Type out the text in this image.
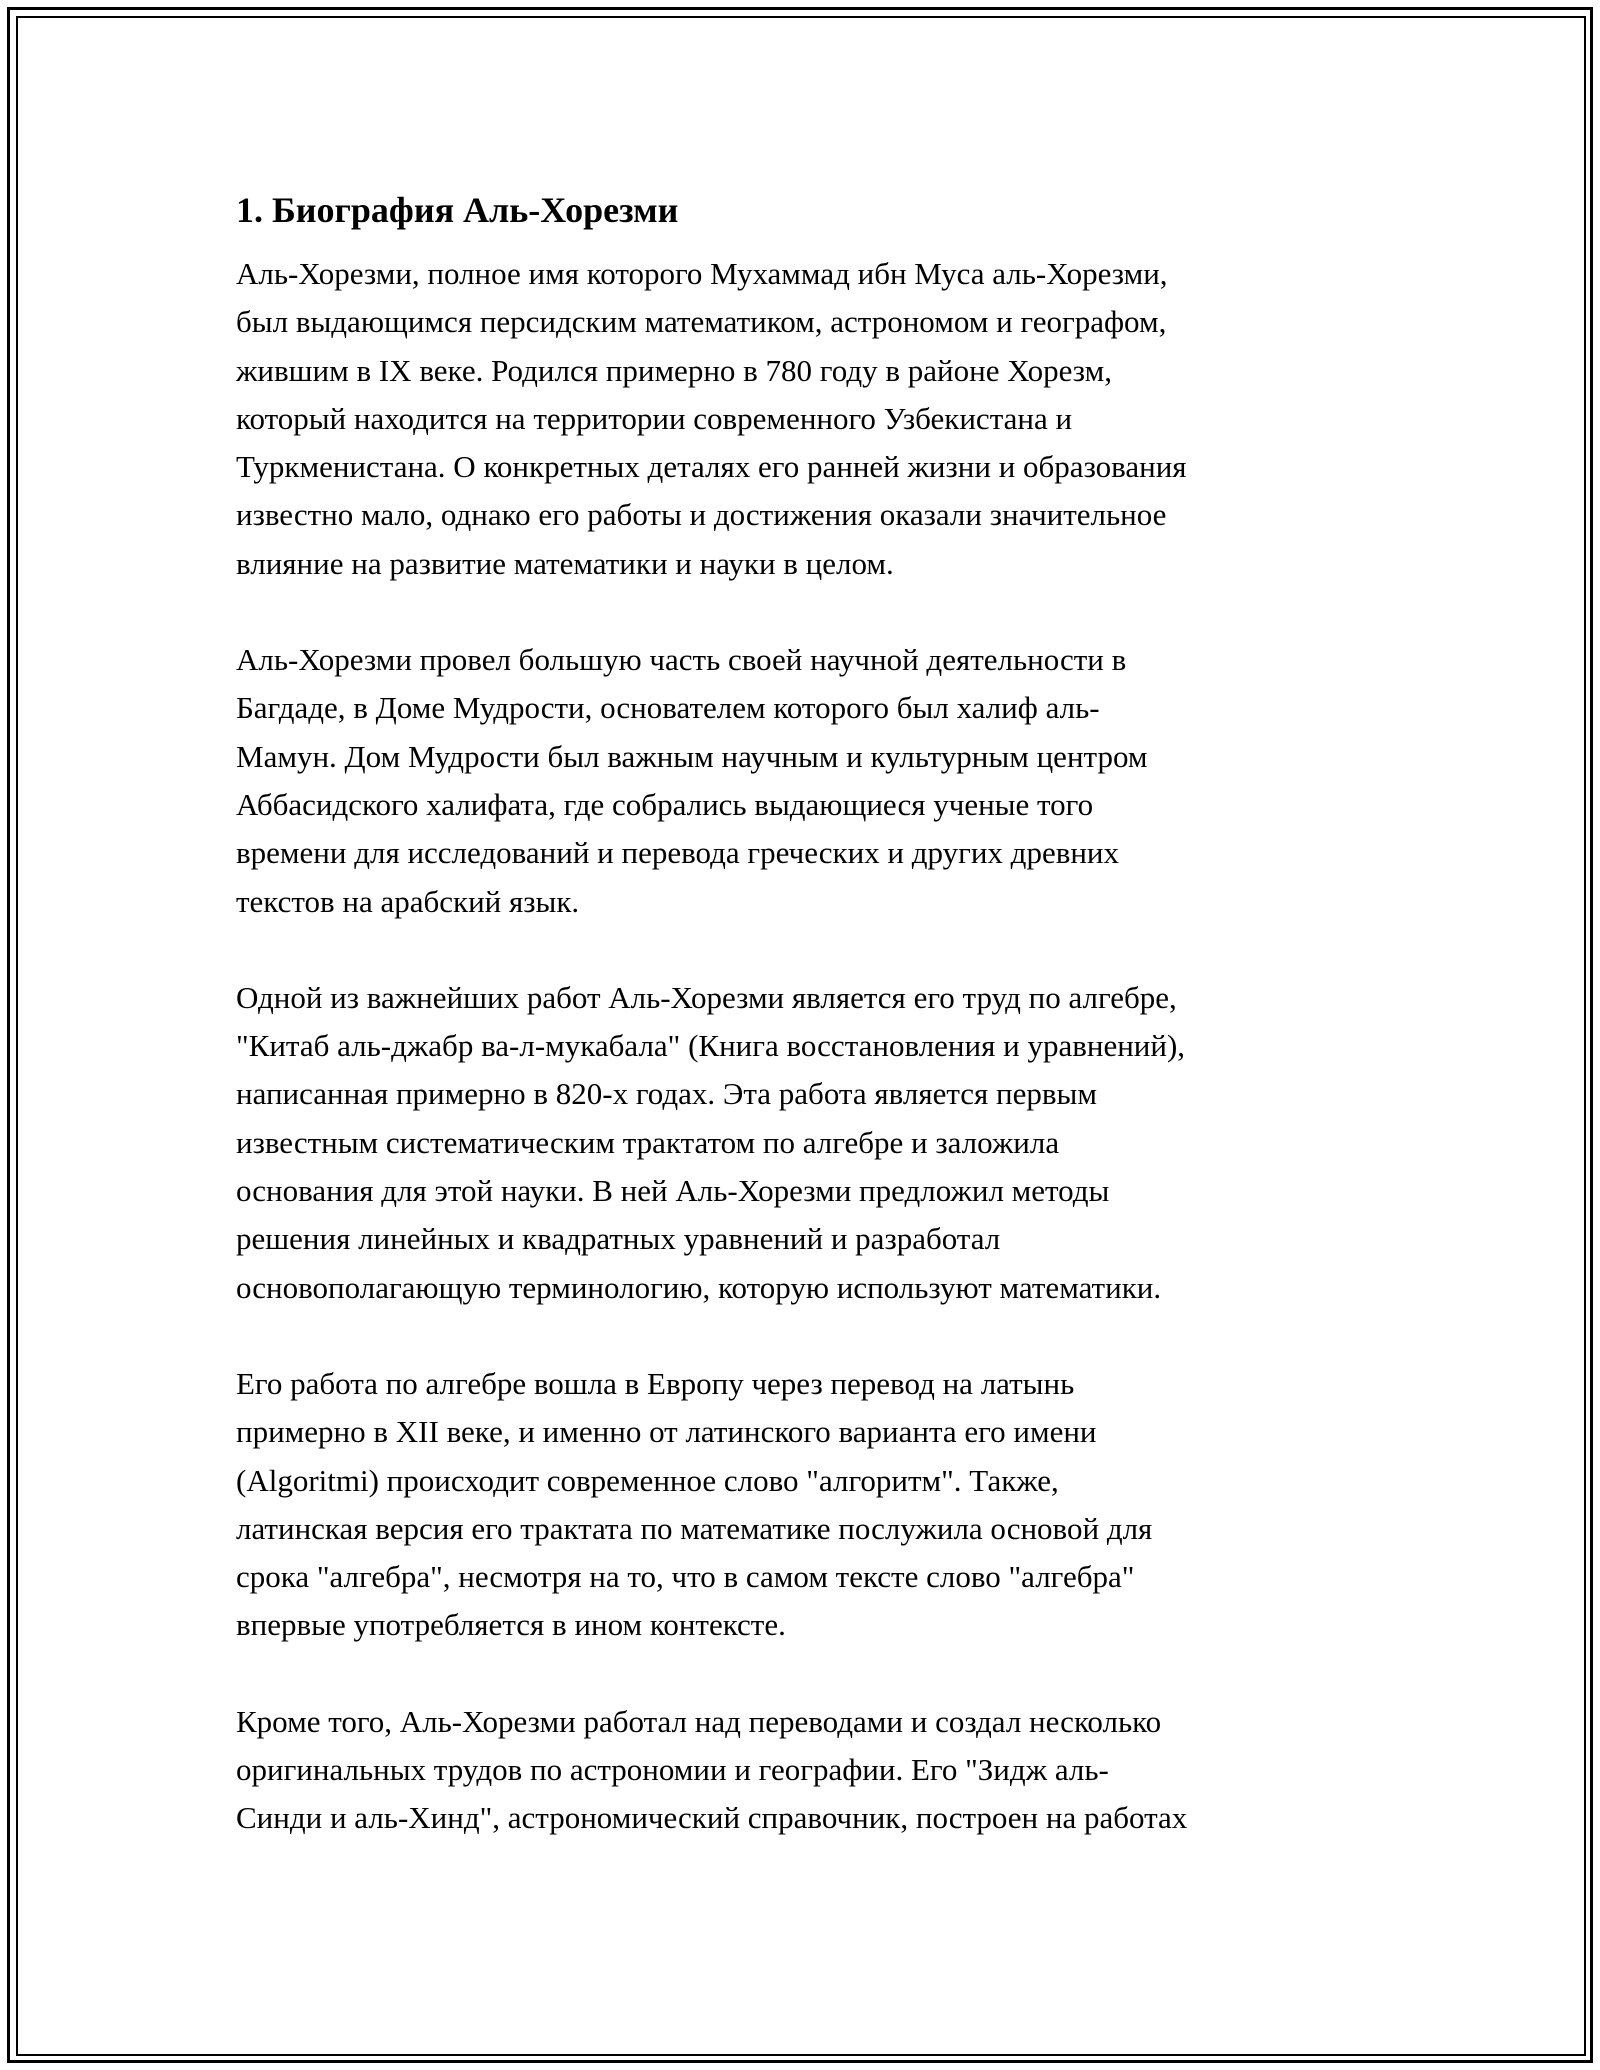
1. Биография Аль-Хорезми

Аль-Хорезми, полное имя которого Мухаммад ибн Муса аль-Хорезми,
был выдающимся персидским математиком, астрономом и географом,
жившим в IX веке. Родился примерно в 780 году в районе Хорезм,
который находится на территории современного Узбекистана и
Туркменистана. О конкретных деталях его ранней жизни и образования
известно мало, однако его работы и достижения оказали значительное
влияние на развитие математики и науки в целом.

Аль-Хорезми провел большую часть своей научной деятельности в
Багдаде, в Доме Мудрости, основателем которого был халиф аль-
Мамун. Дом Мудрости был важным научным и культурным центром
Аббасидского халифата, где собрались выдающиеся ученые того
времени для исследований и перевода греческих и других древних
текстов на арабский язык.

Одной из важнейших работ Аль-Хорезми является его труд по алгебре,
"Китаб аль-джабр ва-л-мукабала" (Книга восстановления и уравнений),
написанная примерно в 820-х годах. Эта работа является первым
известным систематическим трактатом по алгебре и заложила
основания для этой науки. В ней Аль-Хорезми предложил методы
решения линейных и квадратных уравнений и разработал
основополагающую терминологию, которую используют математики.

Его работа по алгебре вошла в Европу через перевод на латынь
примерно в XII веке, и именно от латинского варианта его имени
(Algoritmi) происходит современное слово "алгоритм". Также,
латинская версия его трактата по математике послужила основой для
срока "алгебра", несмотря на то, что в самом тексте слово "алгебра"
впервые употребляется в ином контексте.

Кроме того, Аль-Хорезми работал над переводами и создал несколько
оригинальных трудов по астрономии и географии. Его "Зидж аль-
Синди и аль-Хинд", астрономический справочник, построен на работах
